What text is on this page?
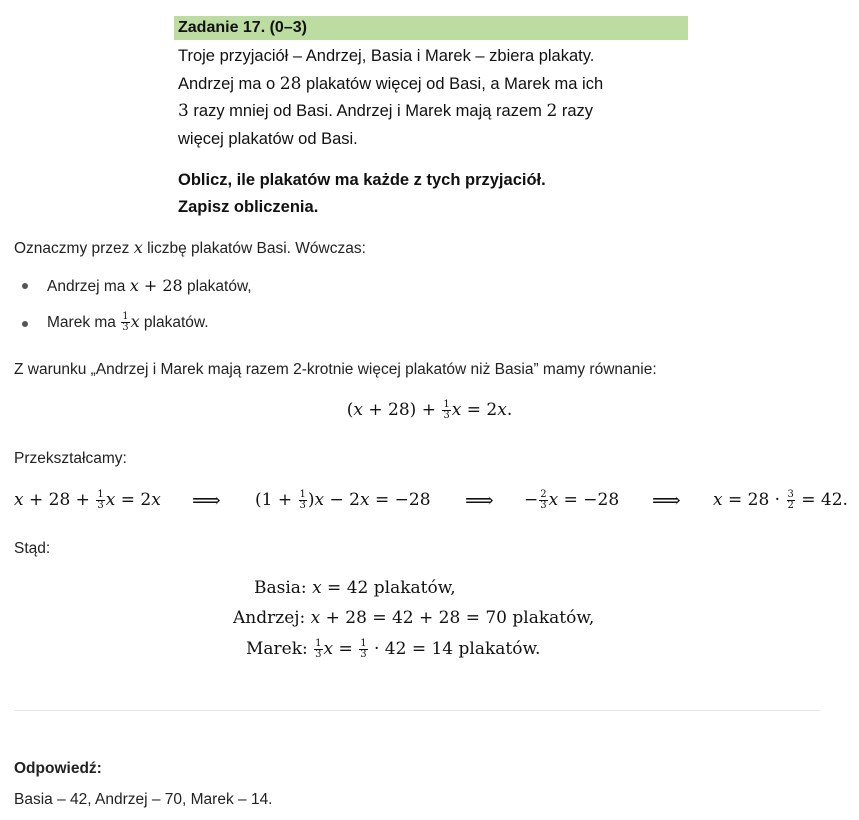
Zadanie 17. (0–3)
Troje przyjaciół – Andrzej, Basia i Marek – zbiera plakaty.
Andrzej ma o 28 plakatów więcej od Basi, a Marek ma ich
3 razy mniej od Basi. Andrzej i Marek mają razem 2 razy
więcej plakatów od Basi.
Oblicz, ile plakatów ma każde z tych przyjaciół.
Zapisz obliczenia.
Oznaczmy przez x liczbę plakatów Basi. Wówczas:
Andrzej ma x + 28 plakatów,
Marek ma $\frac{1}{3}$ x plakatów.
Z warunku „Andrzej i Marek mają razem 2-krotnie więcej plakatów niż Basia” mamy równanie:
$(x + 28) + \frac{1}{3}$ x = 2x.
Przekształcamy:
$x + 28 + \frac{1}{3}$ x = 2x ⟹ $(1 + \frac{1}{3} )x - 2x = -28$ ⟹ − $\frac{2}{3}$ x = −28 ⟹ $x = 28 \cdot \frac{3}{2} = 42$.
Stąd:
Basia: x = 42 plakatów,
Andrzej: x + 28 = 42 + 28 = 70 plakatów,
Marek: $\frac{1}{3}$ $x = \frac{1}{3} \cdot 42 = 14$ plakatów.
Odpowiedź:
Basia – 42, Andrzej – 70, Marek – 14.
